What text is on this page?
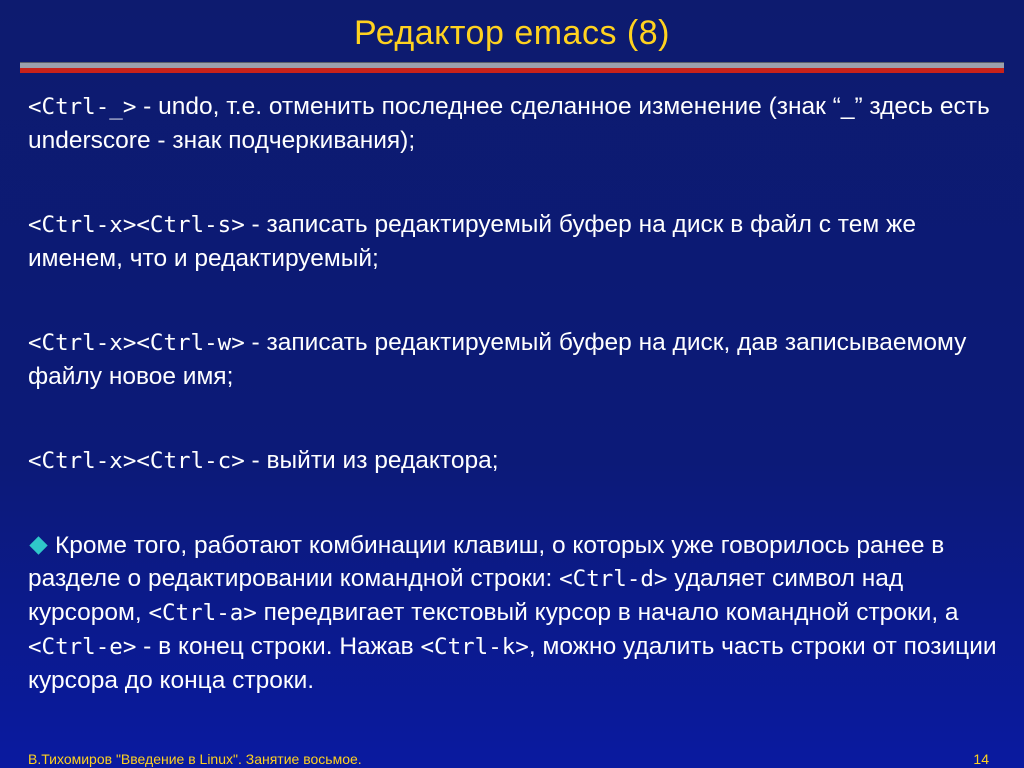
Редактор emacs (8)

<Ctrl-_> - undo, т.е. отменить последнее сделанное изменение (знак “_” здесь есть underscore - знак подчеркивания);

<Ctrl-x><Ctrl-s> - записать редактируемый буфер на диск в файл с тем же именем, что и редактируемый;

<Ctrl-x><Ctrl-w> - записать редактируемый буфер на диск, дав записываемому файлу новое имя;

<Ctrl-x><Ctrl-c> - выйти из редактора;

Кроме того, работают комбинации клавиш, о которых уже говорилось ранее в разделе о редактировании командной строки: <Ctrl-d> удаляет символ над курсором, <Ctrl-a> передвигает текстовый курсор в начало командной строки, а <Ctrl-e> - в конец строки. Нажав <Ctrl-k>, можно удалить часть строки от позиции курсора до конца строки.

В.Тихомиров "Введение в Linux". Занятие восьмое.	14
